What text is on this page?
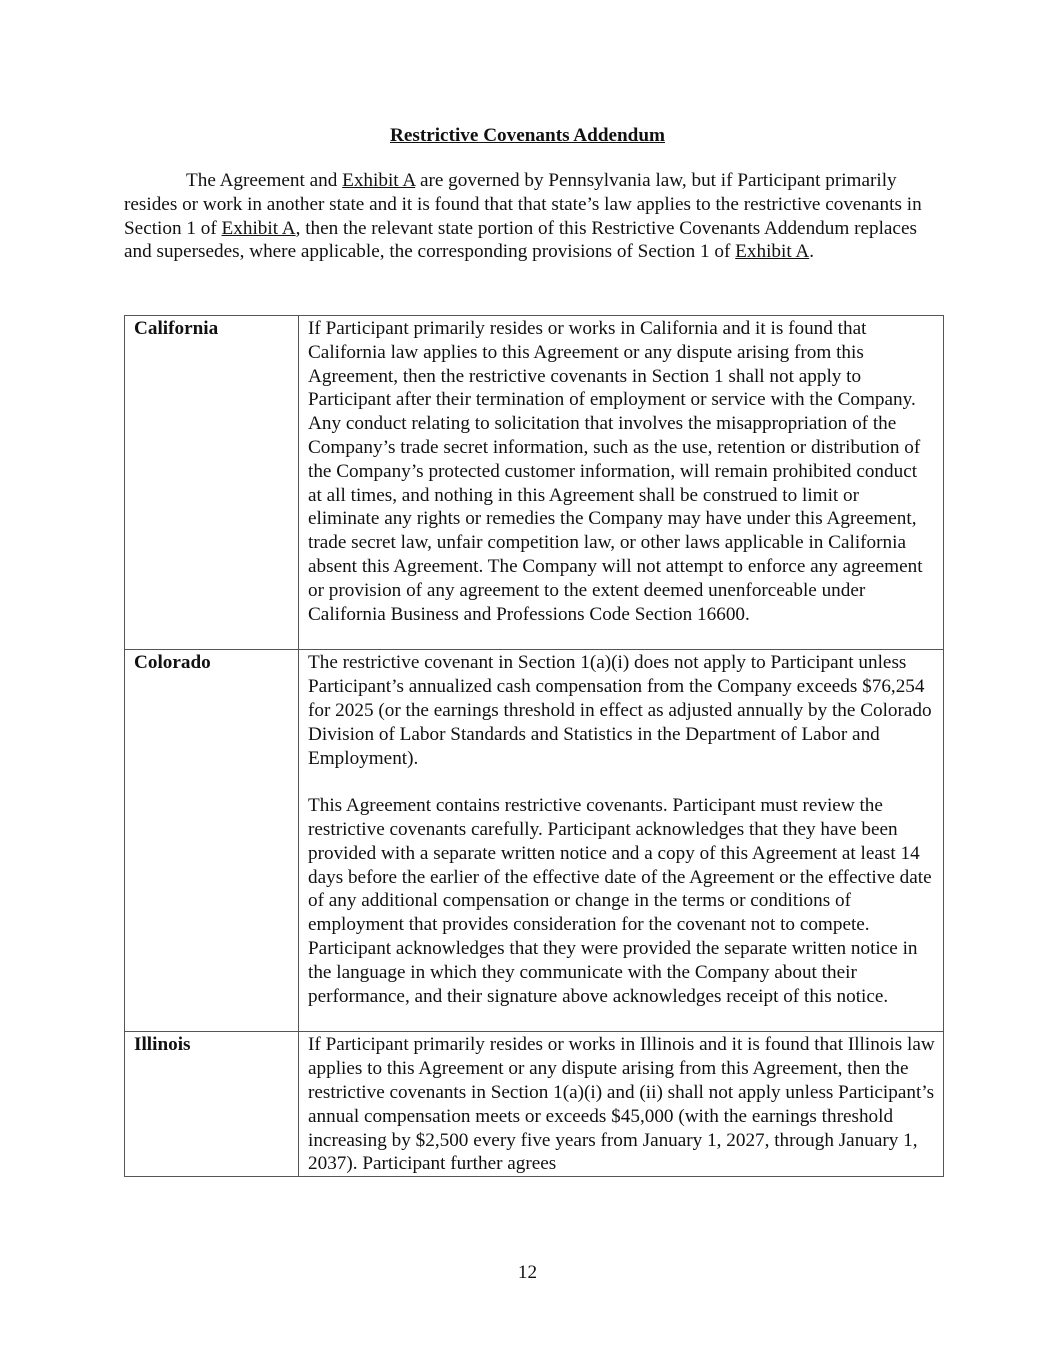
Restrictive Covenants Addendum

The Agreement and Exhibit A are governed by Pennsylvania law, but if Participant primarily resides or work in another state and it is found that that state’s law applies to the restrictive covenants in Section 1 of Exhibit A, then the relevant state portion of this Restrictive Covenants Addendum replaces and supersedes, where applicable, the corresponding provisions of Section 1 of Exhibit A.

California	If Participant primarily resides or works in California and it is found that California law applies to this Agreement or any dispute arising from this Agreement, then the restrictive covenants in Section 1 shall not apply to Participant after their termination of employment or service with the Company. Any conduct relating to solicitation that involves the misappropriation of the Company’s trade secret information, such as the use, retention or distribution of the Company’s protected customer information, will remain prohibited conduct at all times, and nothing in this Agreement shall be construed to limit or eliminate any rights or remedies the Company may have under this Agreement, trade secret law, unfair competition law, or other laws applicable in California absent this Agreement. The Company will not attempt to enforce any agreement or provision of any agreement to the extent deemed unenforceable under California Business and Professions Code Section 16600.

Colorado	The restrictive covenant in Section 1(a)(i) does not apply to Participant unless Participant’s annualized cash compensation from the Company exceeds $76,254 for 2025 (or the earnings threshold in effect as adjusted annually by the Colorado Division of Labor Standards and Statistics in the Department of Labor and Employment).

This Agreement contains restrictive covenants. Participant must review the restrictive covenants carefully. Participant acknowledges that they have been provided with a separate written notice and a copy of this Agreement at least 14 days before the earlier of the effective date of the Agreement or the effective date of any additional compensation or change in the terms or conditions of employment that provides consideration for the covenant not to compete. Participant acknowledges that they were provided the separate written notice in the language in which they communicate with the Company about their performance, and their signature above acknowledges receipt of this notice.

Illinois	If Participant primarily resides or works in Illinois and it is found that Illinois law applies to this Agreement or any dispute arising from this Agreement, then the restrictive covenants in Section 1(a)(i) and (ii) shall not apply unless Participant’s annual compensation meets or exceeds $45,000 (with the earnings threshold increasing by $2,500 every five years from January 1, 2027, through January 1, 2037). Participant further agrees

12
